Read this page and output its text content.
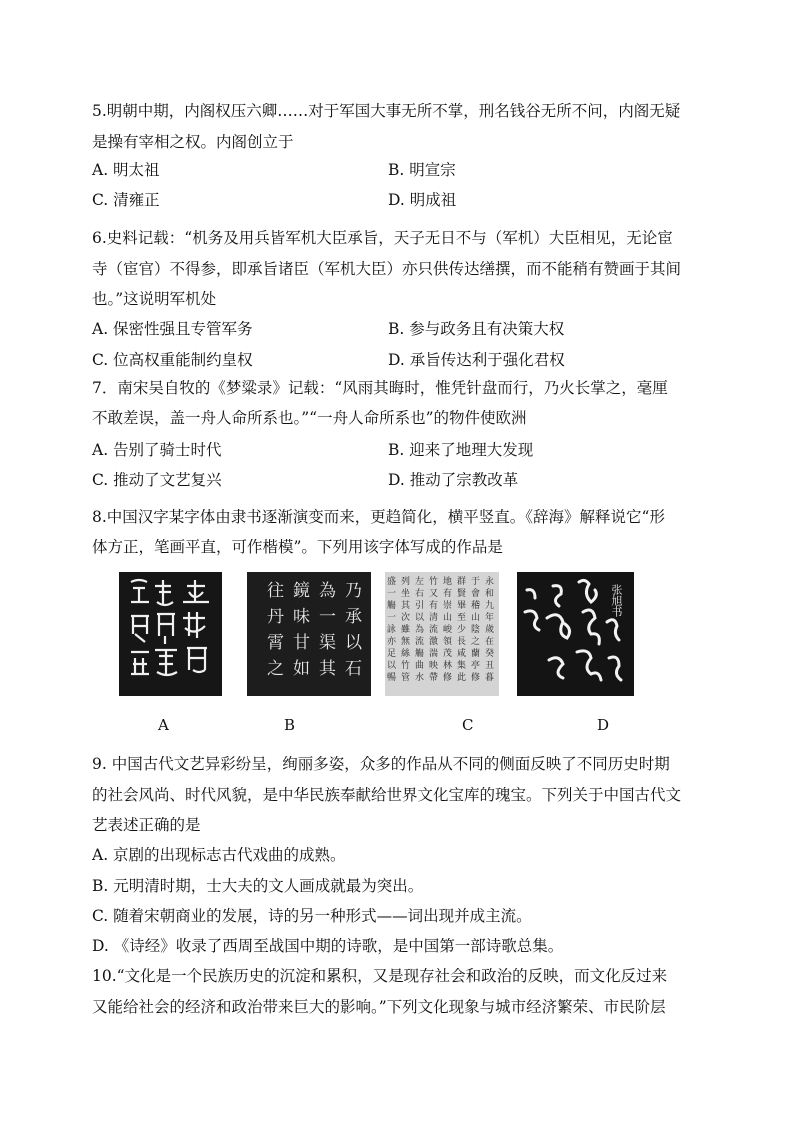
5.明朝中期，内阁权压六卿……对于军国大事无所不掌，刑名钱谷无所不问，内阁无疑
是操有宰相之权。内阁创立于
A. 明太祖	B. 明宣宗
C. 清雍正	D. 明成祖
6.史料记载：“机务及用兵皆军机大臣承旨，天子无日不与（军机）大臣相见，无论宦
寺（宦官）不得参，即承旨诸臣（军机大臣）亦只供传达缮撰，而不能稍有赞画于其间
也。”这说明军机处
A. 保密性强且专管军务	B. 参与政务且有决策大权
C. 位高权重能制约皇权	D. 承旨传达利于强化君权
7．南宋吴自牧的《梦粱录》记载：“风雨其晦时，惟凭针盘而行，乃火长掌之，毫厘
不敢差误，盖一舟人命所系也。”“一舟人命所系也”的物件使欧洲
A. 告别了骑士时代	B. 迎来了地理大发现
C. 推动了文艺复兴	D. 推动了宗教改革
8.中国汉字某字体由隶书逐渐演变而来，更趋简化，横平竖直。《辞海》解释说它“形
体方正，笔画平直，可作楷模”。下列用该字体写成的作品是
乃
承
以
石
為
一
渠
其
鏡
味
甘
如
往
丹
霄
之
永
和
九
年
歲
在
癸
丑
暮
于
會
稽
山
陰
之
蘭
亭
修
群
賢
畢
至
少
長
咸
集
此
地
有
崇
山
峻
領
茂
林
修
竹
又
有
清
流
激
湍
映
帶
左
右
引
以
為
流
觴
曲
水
列
坐
其
次
雖
無
絲
竹
管
盛
一
觴
一
詠
亦
足
以
暢
张旭书
A	B	C	D
9. 中国古代文艺异彩纷呈，绚丽多姿，众多的作品从不同的侧面反映了不同历史时期
的社会风尚、时代风貌，是中华民族奉献给世界文化宝库的瑰宝。下列关于中国古代文
艺表述正确的是
A. 京剧的出现标志古代戏曲的成熟。
B. 元明清时期，士大夫的文人画成就最为突出。
C. 随着宋朝商业的发展，诗的另一种形式——词出现并成主流。
D. 《诗经》收录了西周至战国中期的诗歌，是中国第一部诗歌总集。
10.“文化是一个民族历史的沉淀和累积，又是现存社会和政治的反映，而文化反过来
又能给社会的经济和政治带来巨大的影响。”下列文化现象与城市经济繁荣、市民阶层
